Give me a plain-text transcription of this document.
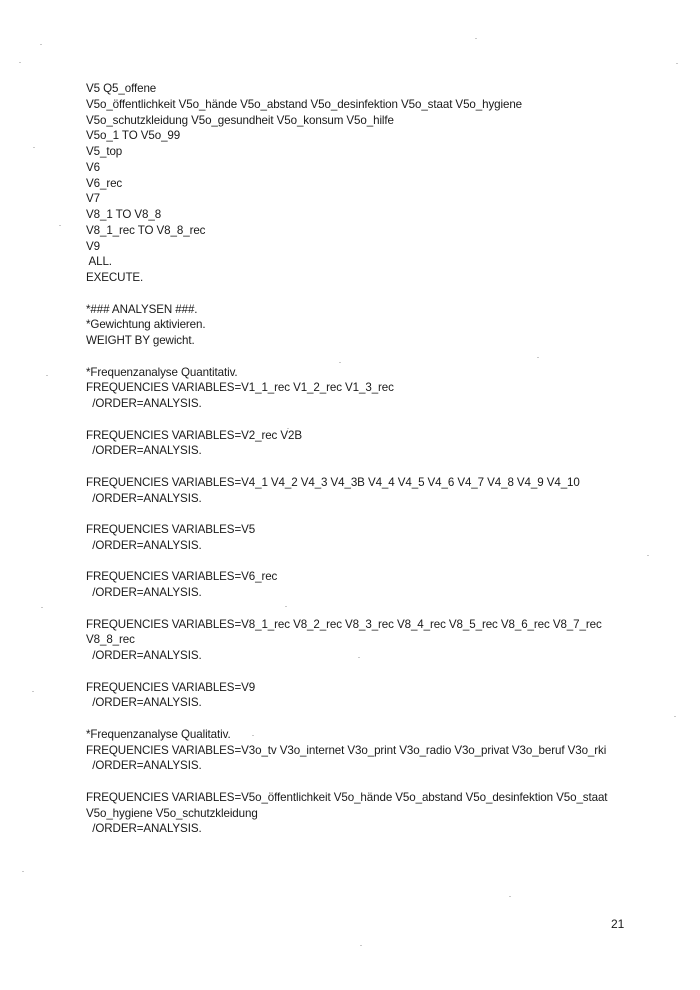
V5 Q5_offene
V5o_öffentlichkeit V5o_hände V5o_abstand V5o_desinfektion V5o_staat V5o_hygiene
V5o_schutzkleidung V5o_gesundheit V5o_konsum V5o_hilfe
V5o_1 TO V5o_99
V5_top
V6
V6_rec
V7
V8_1 TO V8_8
V8_1_rec TO V8_8_rec
V9
ALL.
EXECUTE.
*### ANALYSEN ###.
*Gewichtung aktivieren.
WEIGHT BY gewicht.
*Frequenzanalyse Quantitativ.
FREQUENCIES VARIABLES=V1_1_rec V1_2_rec V1_3_rec
/ORDER=ANALYSIS.
FREQUENCIES VARIABLES=V2_rec V2B
/ORDER=ANALYSIS.
FREQUENCIES VARIABLES=V4_1 V4_2 V4_3 V4_3B V4_4 V4_5 V4_6 V4_7 V4_8 V4_9 V4_10
/ORDER=ANALYSIS.
FREQUENCIES VARIABLES=V5
/ORDER=ANALYSIS.
FREQUENCIES VARIABLES=V6_rec
/ORDER=ANALYSIS.
FREQUENCIES VARIABLES=V8_1_rec V8_2_rec V8_3_rec V8_4_rec V8_5_rec V8_6_rec V8_7_rec
V8_8_rec
/ORDER=ANALYSIS.
FREQUENCIES VARIABLES=V9
/ORDER=ANALYSIS.
*Frequenzanalyse Qualitativ.
FREQUENCIES VARIABLES=V3o_tv V3o_internet V3o_print V3o_radio V3o_privat V3o_beruf V3o_rki
/ORDER=ANALYSIS.
FREQUENCIES VARIABLES=V5o_öffentlichkeit V5o_hände V5o_abstand V5o_desinfektion V5o_staat
V5o_hygiene V5o_schutzkleidung
/ORDER=ANALYSIS.
21
